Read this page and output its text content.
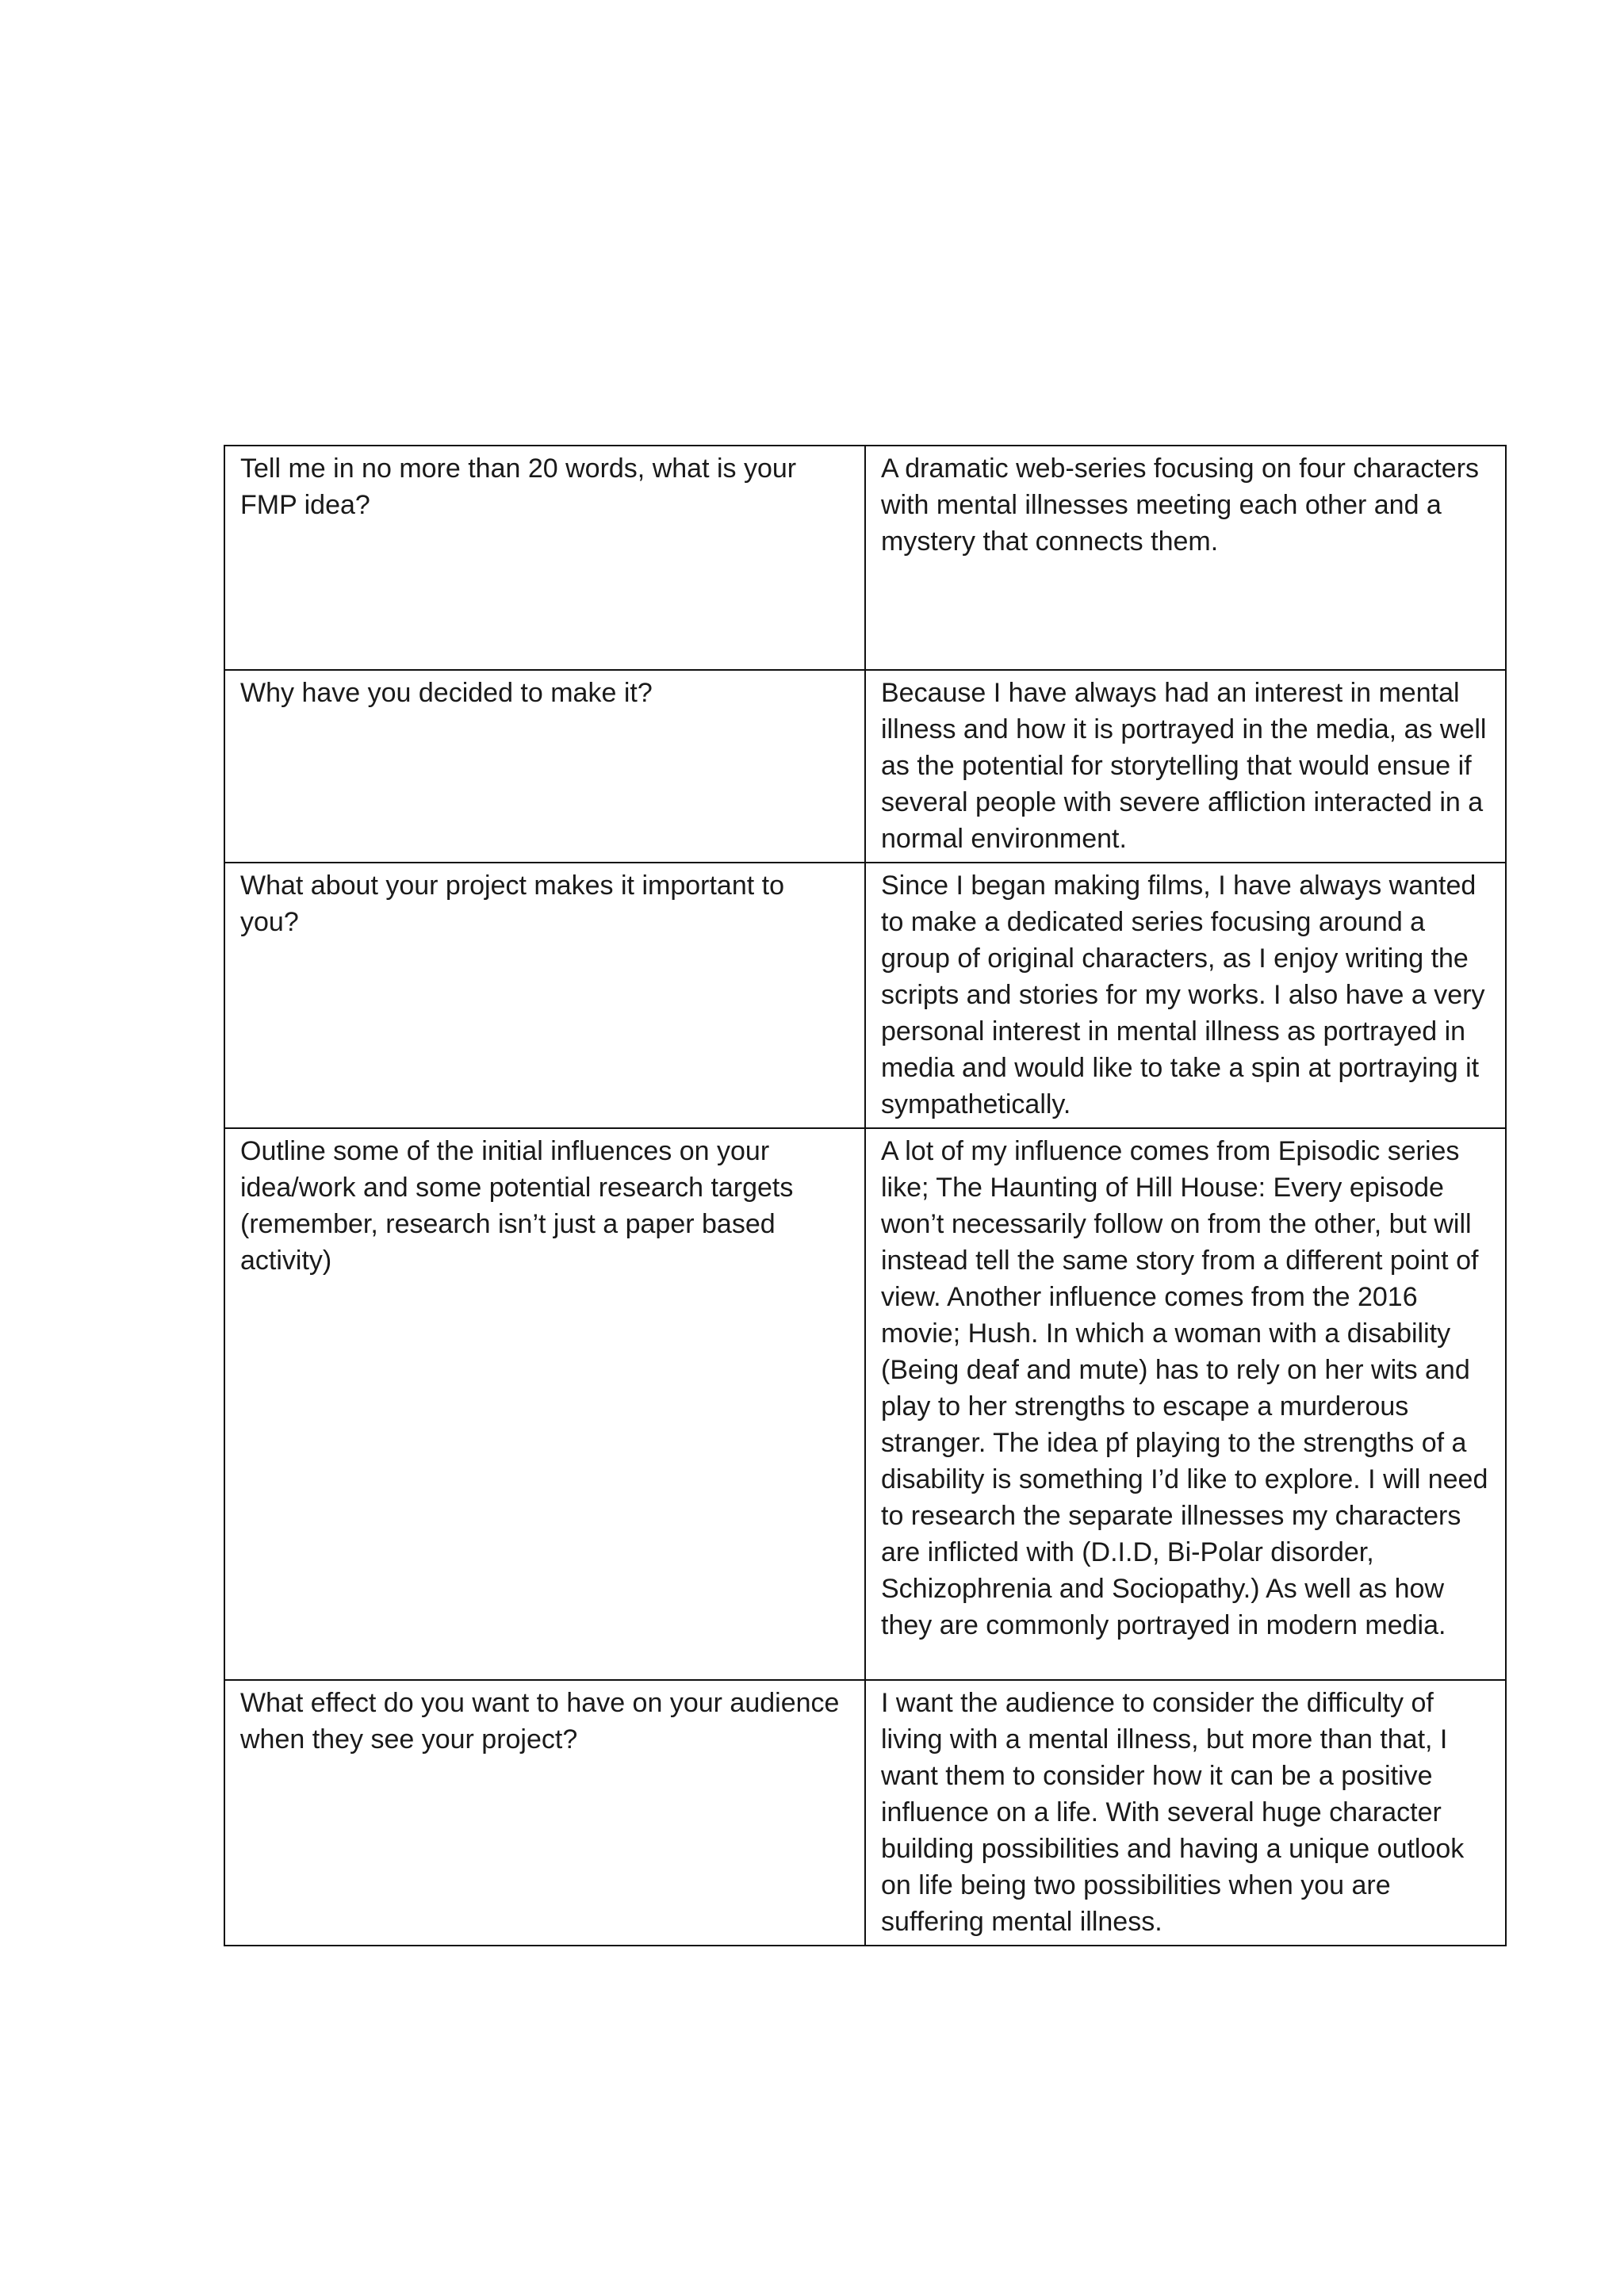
Tell me in no more than 20 words, what is your FMP idea?	A dramatic web-series focusing on four characters with mental illnesses meeting each other and a mystery that connects them.

Why have you decided to make it?	Because I have always had an interest in mental illness and how it is portrayed in the media, as well as the potential for storytelling that would ensue if several people with severe affliction interacted in a normal environment.

What about your project makes it important to you?	Since I began making films, I have always wanted to make a dedicated series focusing around a group of original characters, as I enjoy writing the scripts and stories for my works. I also have a very personal interest in mental illness as portrayed in media and would like to take a spin at portraying it sympathetically.

Outline some of the initial influences on your idea/work and some potential research targets (remember, research isn’t just a paper based activity)	A lot of my influence comes from Episodic series like; The Haunting of Hill House: Every episode won’t necessarily follow on from the other, but will instead tell the same story from a different point of view. Another influence comes from the 2016 movie; Hush. In which a woman with a disability (Being deaf and mute) has to rely on her wits and play to her strengths to escape a murderous stranger. The idea pf playing to the strengths of a disability is something I’d like to explore. I will need to research the separate illnesses my characters are inflicted with (D.I.D, Bi-Polar disorder, Schizophrenia and Sociopathy.) As well as how they are commonly portrayed in modern media.

What effect do you want to have on your audience when they see your project?	I want the audience to consider the difficulty of living with a mental illness, but more than that, I want them to consider how it can be a positive influence on a life. With several huge character building possibilities and having a unique outlook on life being two possibilities when you are suffering mental illness.
